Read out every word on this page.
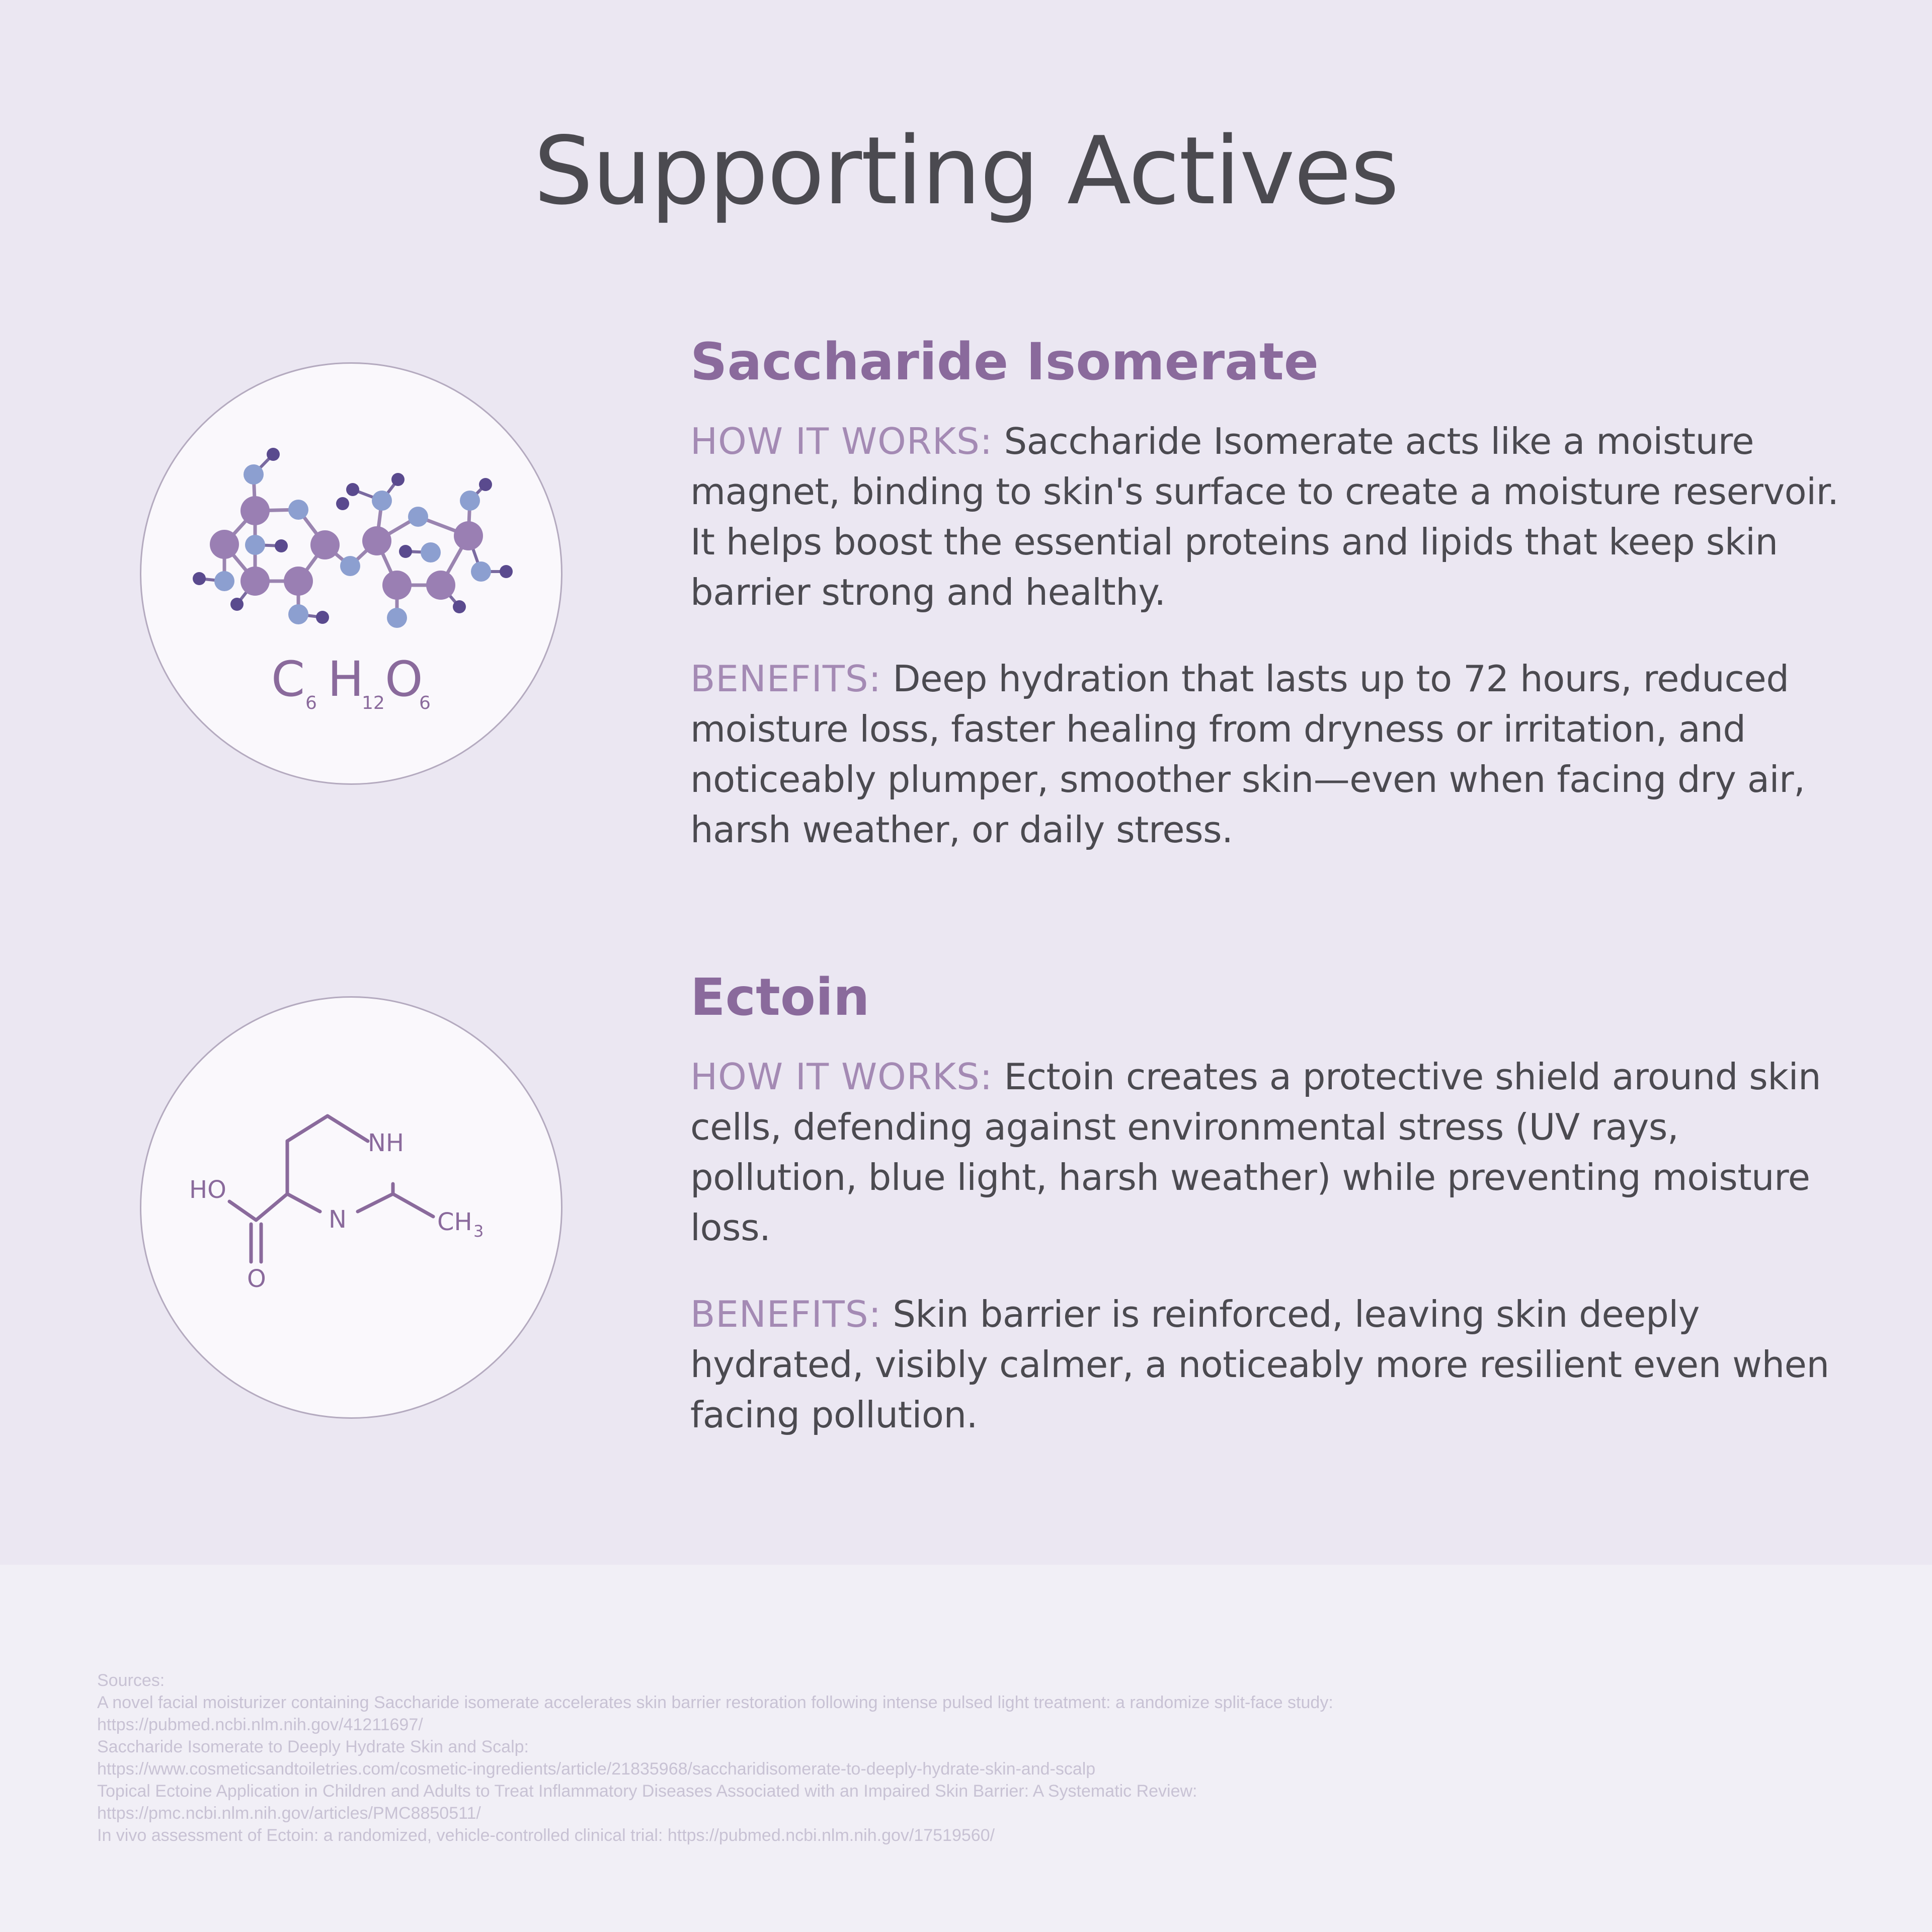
Supporting Actives
C 6 H
12 O
6
Saccharide Isomerate

HOW IT WORKS: Saccharide Isomerate acts like a moisture magnet, binding to skin's surface to create a moisture reservoir. It helps boost the essential proteins and lipids that keep skin barrier strong and healthy.

BENEFITS: Deep hydration that lasts up to 72 hours, reduced moisture loss, faster healing from dryness or irritation, and noticeably plumper, smoother skin—even when facing dry air, harsh weather, or daily stress.

NH
HO
N	CH 3
O
Ectoin

HOW IT WORKS: Ectoin creates a protective shield around skin cells, defending against environmental stress (UV rays, pollution, blue light, harsh weather) while preventing moisture loss.

BENEFITS: Skin barrier is reinforced, leaving skin deeply hydrated, visibly calmer, a noticeably more resilient even when facing pollution.

Sources:
A novel facial moisturizer containing Saccharide isomerate accelerates skin barrier restoration following intense pulsed light treatment: a randomize split-face study:
https://pubmed.ncbi.nlm.nih.gov/41211697/
Saccharide Isomerate to Deeply Hydrate Skin and Scalp:
https://www.cosmeticsandtoiletries.com/cosmetic-ingredients/article/21835968/saccharidisomerate-to-deeply-hydrate-skin-and-scalp
Topical Ectoine Application in Children and Adults to Treat Inflammatory Diseases Associated with an Impaired Skin Barrier: A Systematic Review:
https://pmc.ncbi.nlm.nih.gov/articles/PMC8850511/
In vivo assessment of Ectoin: a randomized, vehicle-controlled clinical trial: https://pubmed.ncbi.nlm.nih.gov/17519560/
